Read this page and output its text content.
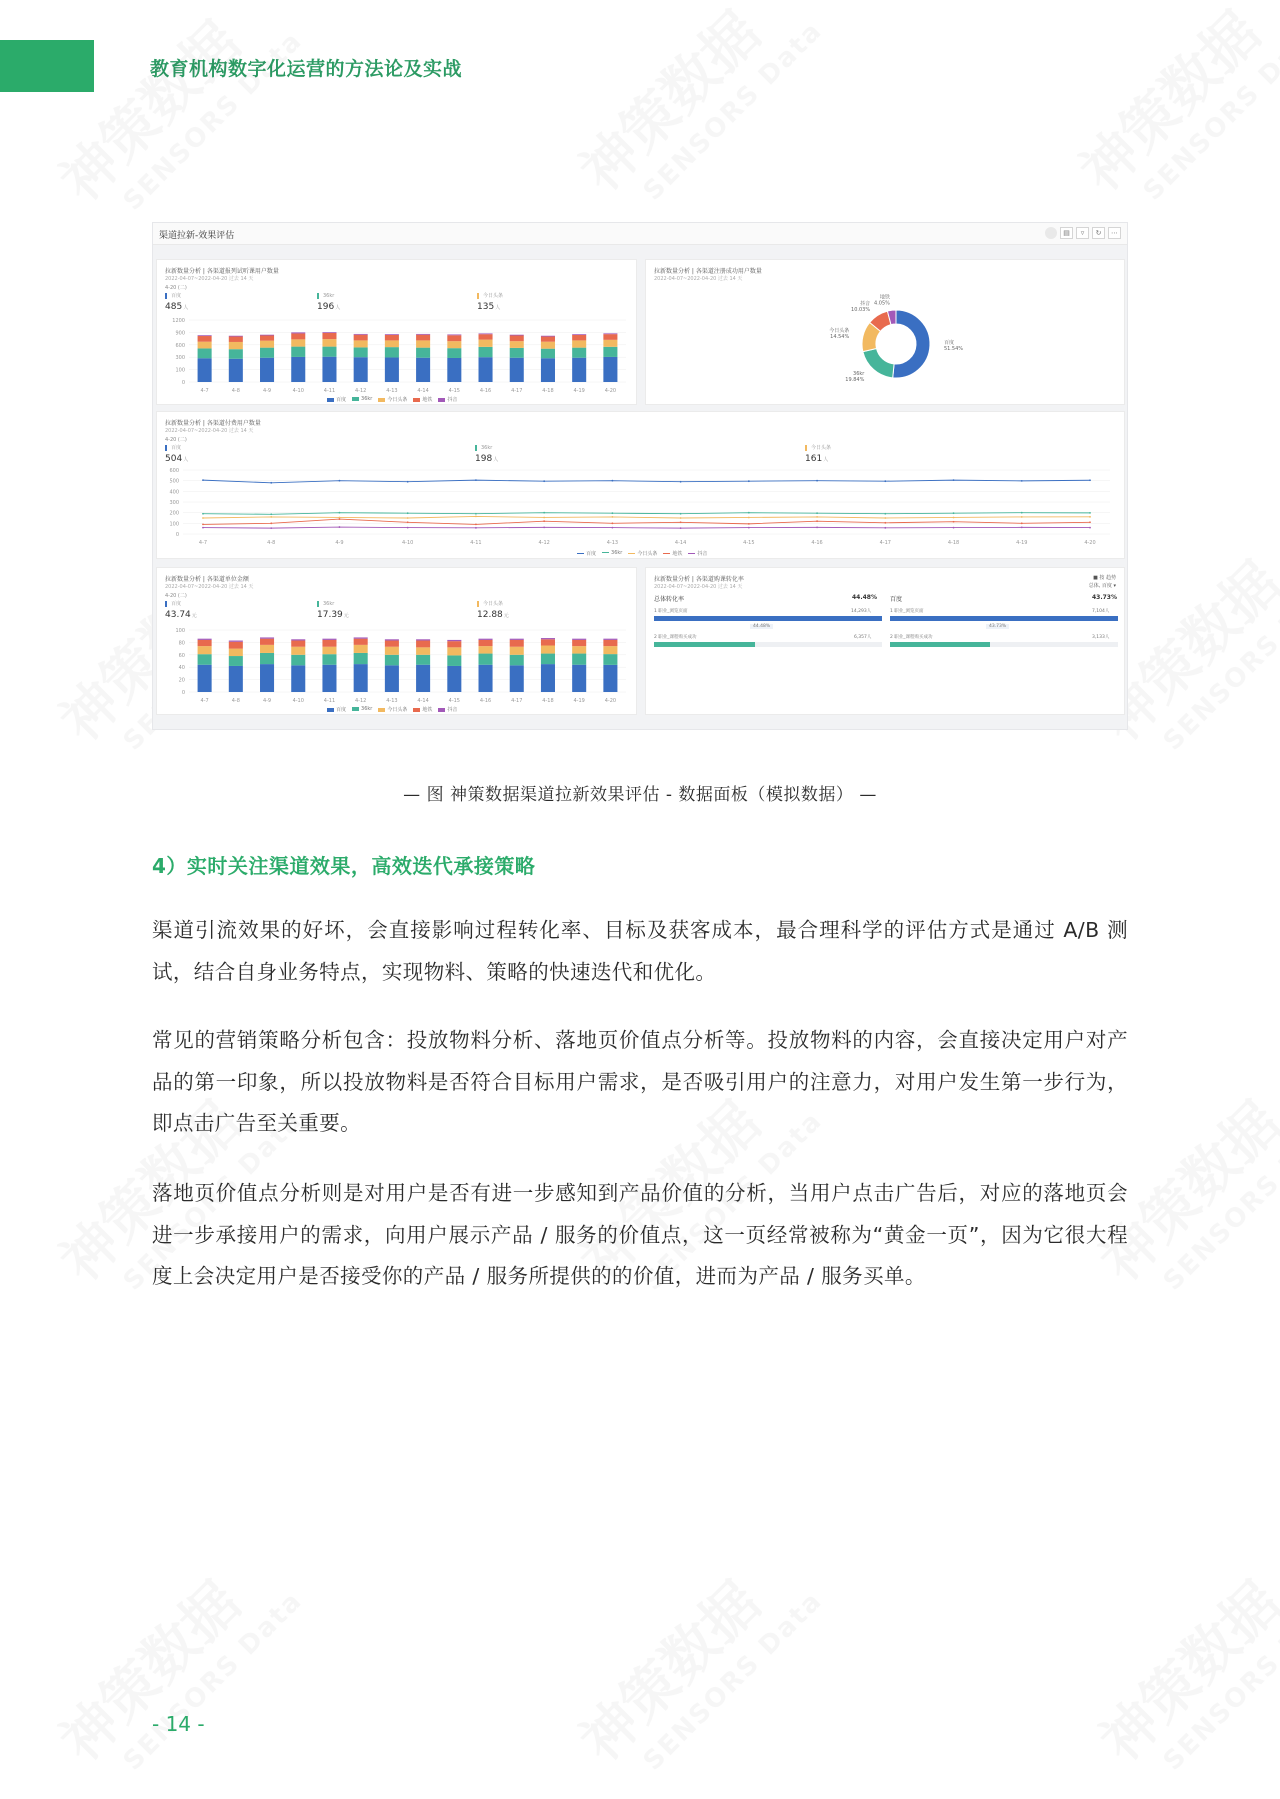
教育机构数字化运营的方法论及实战
渠道拉新-效果评估	▤	▿	↻	⋯
拉新数量分析 | 各渠道报列试听课用户数量
2022-04-07~2022-04-20 过去 14 天
4-20 (二)
百度
485人
36kr
196人
今日头条
135人
1200
900
600
300
100
0
4-7	4-8	4-9	4-10	4-11	4-12	4-13	4-14	4-15	4-16	4-17	4-18	4-19	4-20
百度	36kr	今日头条	地铁	抖音
拉新数量分析 | 各渠道注册成功用户数量
2022-04-07~2022-04-20 过去 14 天
百度
51.54%
36kr
19.84%
今日头条
14.54%
抖音
10.03%
地铁
4.05%
拉新数量分析 | 各渠道付费用户数量
2022-04-07~2022-04-20 过去 14 天
4-20 (二)
百度
504人
36kr
198人
今日头条
161人
600
500
400
300
200
100
0
4-7	4-8	4-9	4-10	4-11	4-12	4-13	4-14	4-15	4-16	4-17	4-18	4-19	4-20
百度	36kr	今日头条	地铁	抖音
拉新数量分析 | 各渠道单位金额
2022-04-07~2022-04-20 过去 14 天
4-20 (二)
百度
43.74元
36kr
17.39元
今日头条
12.88元
100
80
60
40
20
0
4-7	4-8	4-9	4-10	4-11	4-12	4-13	4-14	4-15	4-16	4-17	4-18	4-19	4-20
百度	36kr	今日头条	地铁	抖音
拉新数量分析 | 各渠道购课转化率
2022-04-07~2022-04-20 过去 14 天
■ 按 趋势
总体, 百度 ▾
总体转化率	44.48%
1 职业_浏览页面	14,293人
44.48%
2 职业_课程购买成功	6,357人
百度	43.73%
1 职业_浏览页面	7,104人
43.73%
2 职业_课程购买成功	3,133人
— 图 神策数据渠道拉新效果评估 - 数据面板（模拟数据） —
4）实时关注渠道效果，高效迭代承接策略

渠道引流效果的好坏，会直接影响过程转化率、目标及获客成本，最合理科学的评估方式是通过 A/B 测试，结合自身业务特点，实现物料、策略的快速迭代和优化。

常见的营销策略分析包含：投放物料分析、落地页价值点分析等。投放物料的内容，会直接决定用户对产品的第一印象，所以投放物料是否符合目标用户需求，是否吸引用户的注意力，对用户发生第一步行为，即点击广告至关重要。

落地页价值点分析则是对用户是否有进一步感知到产品价值的分析，当用户点击广告后，对应的落地页会进一步承接用户的需求，向用户展示产品 / 服务的价值点，这一页经常被称为“黄金一页”，因为它很大程度上会决定用户是否接受你的产品 / 服务所提供的的价值，进而为产品 / 服务买单。

- 14 -
